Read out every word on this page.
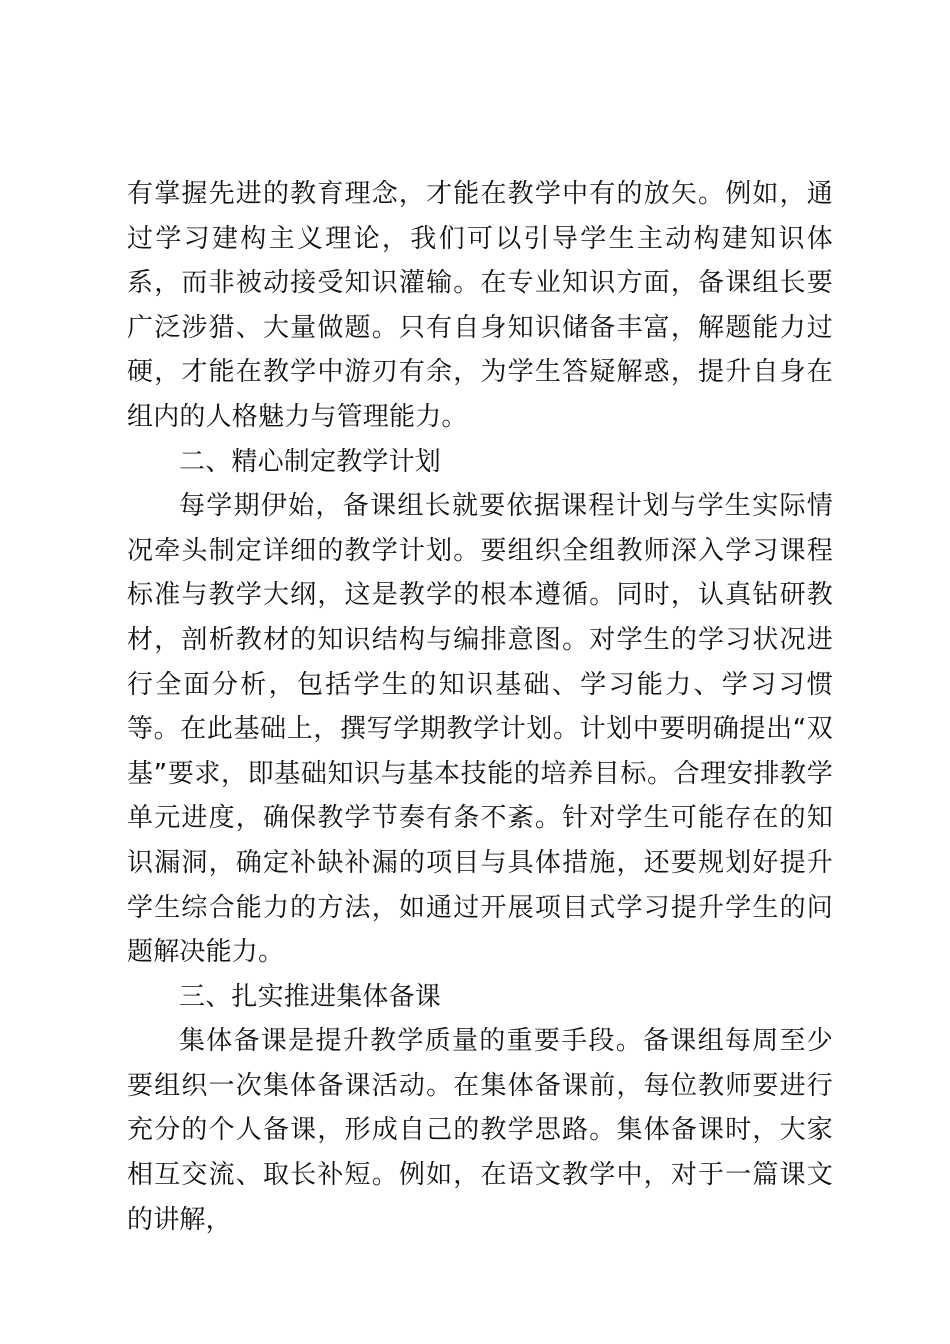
有掌握先进的教育理念，才能在教学中有的放矢。例如，通过学习建构主义理论，我们可以引导学生主动构建知识体系，而非被动接受知识灌输。在专业知识方面，备课组长要广泛涉猎、大量做题。只有自身知识储备丰富，解题能力过硬，才能在教学中游刃有余，为学生答疑解惑，提升自身在组内的人格魅力与管理能力。

二、精心制定教学计划

每学期伊始，备课组长就要依据课程计划与学生实际情况牵头制定详细的教学计划。要组织全组教师深入学习课程标准与教学大纲，这是教学的根本遵循。同时，认真钻研教材，剖析教材的知识结构与编排意图。对学生的学习状况进行全面分析，包括学生的知识基础、学习能力、学习习惯等。在此基础上，撰写学期教学计划。计划中要明确提出“双基”要求，即基础知识与基本技能的培养目标。合理安排教学单元进度，确保教学节奏有条不紊。针对学生可能存在的知识漏洞，确定补缺补漏的项目与具体措施，还要规划好提升学生综合能力的方法，如通过开展项目式学习提升学生的问题解决能力。

三、扎实推进集体备课

集体备课是提升教学质量的重要手段。备课组每周至少要组织一次集体备课活动。在集体备课前，每位教师要进行充分的个人备课，形成自己的教学思路。集体备课时，大家相互交流、取长补短。例如，在语文教学中，对于一篇课文的讲解，
